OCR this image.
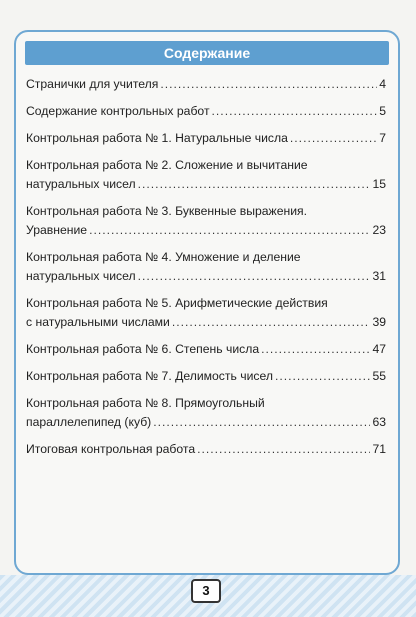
Содержание
Странички для учителя .....	4
Содержание контрольных работ .....	5
Контрольная работа № 1. Натуральные числа .....	7
Контрольная работа № 2. Сложение и вычитание
натуральных чисел .....	15
Контрольная работа № 3. Буквенные выражения.
Уравнение .....	23
Контрольная работа № 4. Умножение и деление
натуральных чисел .....	31
Контрольная работа № 5. Арифметические действия
с натуральными числами .....	39
Контрольная работа № 6. Степень числа .....	47
Контрольная работа № 7. Делимость чисел .....	55
Контрольная работа № 8. Прямоугольный
параллелепипед (куб) .....	63
Итоговая контрольная работа .....	71
3
